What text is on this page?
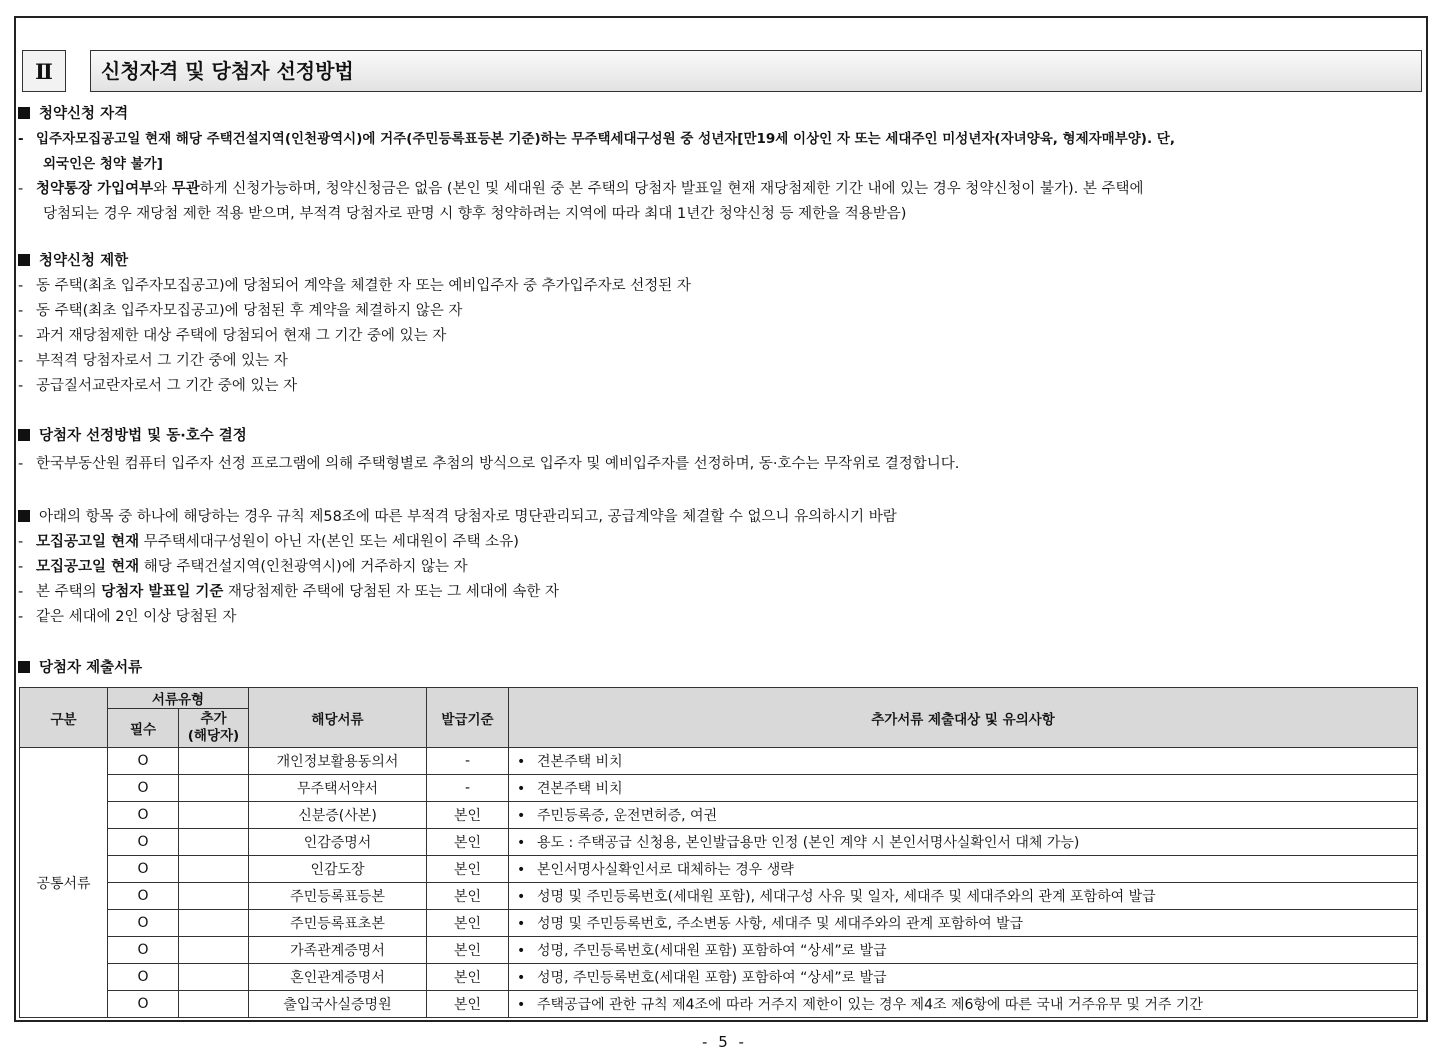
Ⅱ	신청자격 및 당첨자 선정방법
청약신청 자격
- 입주자모집공고일 현재 해당 주택건설지역(인천광역시)에 거주(주민등록표등본 기준)하는 무주택세대구성원 중 성년자[만19세 이상인 자 또는 세대주인 미성년자(자녀양육, 형제자매부양). 단,
외국인은 청약 불가]
- 청약통장 가입여부와 무관하게 신청가능하며, 청약신청금은 없음 (본인 및 세대원 중 본 주택의 당첨자 발표일 현재 재당첨제한 기간 내에 있는 경우 청약신청이 불가). 본 주택에
당첨되는 경우 재당첨 제한 적용 받으며, 부적격 당첨자로 판명 시 향후 청약하려는 지역에 따라 최대 1년간 청약신청 등 제한을 적용받음)
청약신청 제한
- 동 주택(최초 입주자모집공고)에 당첨되어 계약을 체결한 자 또는 예비입주자 중 추가입주자로 선정된 자
- 동 주택(최초 입주자모집공고)에 당첨된 후 계약을 체결하지 않은 자
- 과거 재당첨제한 대상 주택에 당첨되어 현재 그 기간 중에 있는 자
- 부적격 당첨자로서 그 기간 중에 있는 자
- 공급질서교란자로서 그 기간 중에 있는 자
당첨자 선정방법 및 동·호수 결정
- 한국부동산원 컴퓨터 입주자 선정 프로그램에 의해 주택형별로 추첨의 방식으로 입주자 및 예비입주자를 선정하며, 동·호수는 무작위로 결정합니다.
아래의 항목 중 하나에 해당하는 경우 규칙 제58조에 따른 부적격 당첨자로 명단관리되고, 공급계약을 체결할 수 없으니 유의하시기 바람
- 모집공고일 현재 무주택세대구성원이 아닌 자(본인 또는 세대원이 주택 소유)
- 모집공고일 현재 해당 주택건설지역(인천광역시)에 거주하지 않는 자
- 본 주택의 당첨자 발표일 기준 재당첨제한 주택에 당첨된 자 또는 그 세대에 속한 자
- 같은 세대에 2인 이상 당첨된 자
당첨자 제출서류
구분	서류유형		해당서류	발급기준	추가서류 제출대상 및 유의사항
	필수	추가
(해당자)			

공통서류	O		개인정보활용동의서	-	• 견본주택 비치
	O		무주택서약서	-	• 견본주택 비치
	O		신분증(사본)	본인	• 주민등록증, 운전면허증, 여권
	O		인감증명서	본인	• 용도 : 주택공급 신청용, 본인발급용만 인정 (본인 계약 시 본인서명사실확인서 대체 가능)
	O		인감도장	본인	• 본인서명사실확인서로 대체하는 경우 생략
	O		주민등록표등본	본인	• 성명 및 주민등록번호(세대원 포함), 세대구성 사유 및 일자, 세대주 및 세대주와의 관계 포함하여 발급
	O		주민등록표초본	본인	• 성명 및 주민등록번호, 주소변동 사항, 세대주 및 세대주와의 관계 포함하여 발급
	O		가족관계증명서	본인	• 성명, 주민등록번호(세대원 포함) 포함하여 “상세”로 발급
	O		혼인관계증명서	본인	• 성명, 주민등록번호(세대원 포함) 포함하여 “상세”로 발급
	O		출입국사실증명원	본인	• 주택공급에 관한 규칙 제4조에 따라 거주지 제한이 있는 경우 제4조 제6항에 따른 국내 거주유무 및 거주 기간
- 5 -
